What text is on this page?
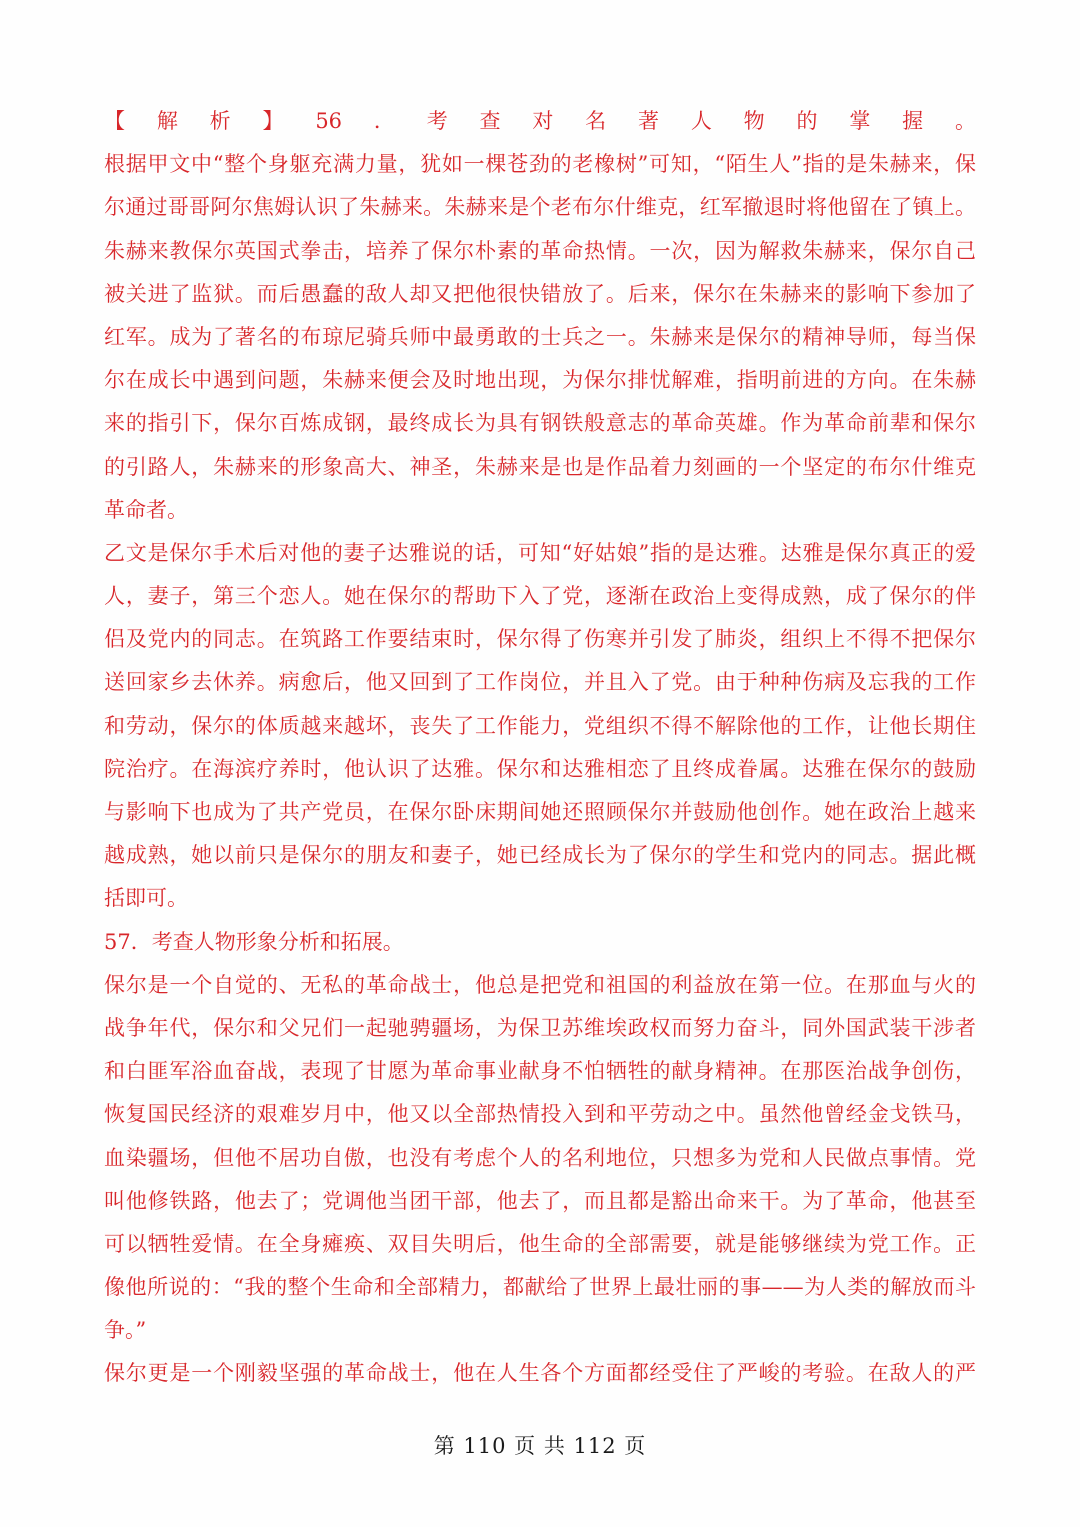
【解析】56．考查对名著人物的掌握。
根据甲文中“整个身躯充满力量，犹如一棵苍劲的老橡树”可知，“陌生人”指的是朱赫来，保
尔通过哥哥阿尔焦姆认识了朱赫来。朱赫来是个老布尔什维克，红军撤退时将他留在了镇上。
朱赫来教保尔英国式拳击，培养了保尔朴素的革命热情。一次，因为解救朱赫来，保尔自己
被关进了监狱。而后愚蠢的敌人却又把他很快错放了。后来，保尔在朱赫来的影响下参加了
红军。成为了著名的布琼尼骑兵师中最勇敢的士兵之一。朱赫来是保尔的精神导师，每当保
尔在成长中遇到问题，朱赫来便会及时地出现，为保尔排忧解难，指明前进的方向。在朱赫
来的指引下，保尔百炼成钢，最终成长为具有钢铁般意志的革命英雄。作为革命前辈和保尔
的引路人，朱赫来的形象高大、神圣，朱赫来是也是作品着力刻画的一个坚定的布尔什维克
革命者。
乙文是保尔手术后对他的妻子达雅说的话，可知“好姑娘”指的是达雅。达雅是保尔真正的爱
人，妻子，第三个恋人。她在保尔的帮助下入了党，逐渐在政治上变得成熟，成了保尔的伴
侣及党内的同志。在筑路工作要结束时，保尔得了伤寒并引发了肺炎，组织上不得不把保尔
送回家乡去休养。病愈后，他又回到了工作岗位，并且入了党。由于种种伤病及忘我的工作
和劳动，保尔的体质越来越坏，丧失了工作能力，党组织不得不解除他的工作，让他长期住
院治疗。在海滨疗养时，他认识了达雅。保尔和达雅相恋了且终成眷属。达雅在保尔的鼓励
与影响下也成为了共产党员，在保尔卧床期间她还照顾保尔并鼓励他创作。她在政治上越来
越成熟，她以前只是保尔的朋友和妻子，她已经成长为了保尔的学生和党内的同志。据此概
括即可。
57．考查人物形象分析和拓展。
保尔是一个自觉的、无私的革命战士，他总是把党和祖国的利益放在第一位。在那血与火的
战争年代，保尔和父兄们一起驰骋疆场，为保卫苏维埃政权而努力奋斗，同外国武装干涉者
和白匪军浴血奋战，表现了甘愿为革命事业献身不怕牺牲的献身精神。在那医治战争创伤，
恢复国民经济的艰难岁月中，他又以全部热情投入到和平劳动之中。虽然他曾经金戈铁马，
血染疆场，但他不居功自傲，也没有考虑个人的名利地位，只想多为党和人民做点事情。党
叫他修铁路，他去了；党调他当团干部，他去了，而且都是豁出命来干。为了革命，他甚至
可以牺牲爱情。在全身瘫痪、双目失明后，他生命的全部需要，就是能够继续为党工作。正
像他所说的：“我的整个生命和全部精力，都献给了世界上最壮丽的事——为人类的解放而斗
争。”
保尔更是一个刚毅坚强的革命战士，他在人生各个方面都经受住了严峻的考验。在敌人的严
第 110 页 共 112 页
